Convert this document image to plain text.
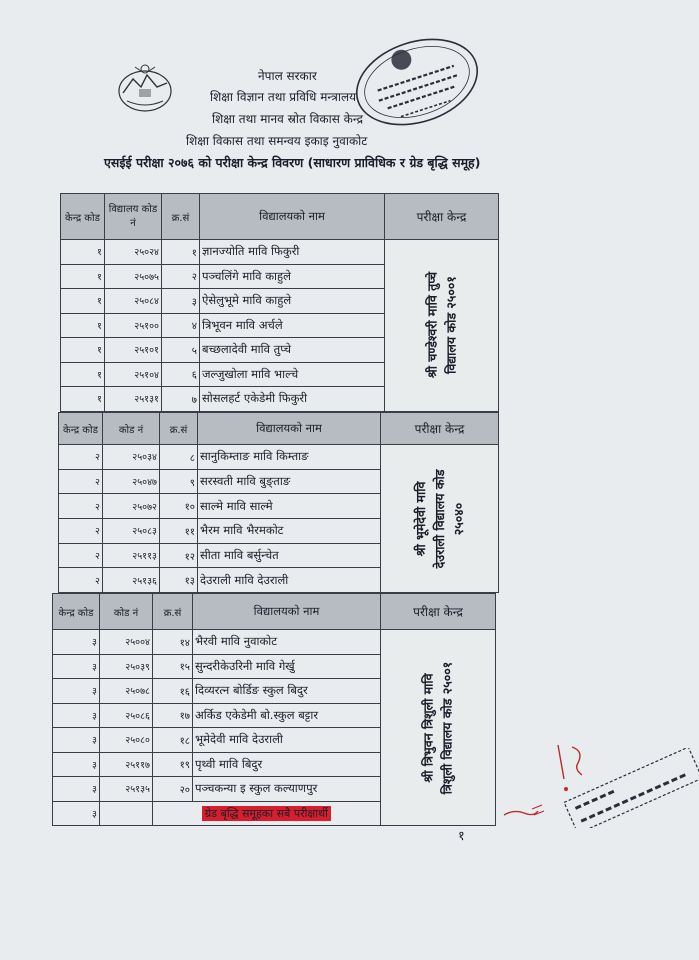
नेपाल सरकार
शिक्षा विज्ञान तथा प्रविधि मन्त्रालय
शिक्षा तथा मानव स्रोत विकास केन्द्र
शिक्षा विकास तथा समन्वय इकाइ नुवाकोट
एसईई परीक्षा २०७६ को परीक्षा केन्द्र विवरण (साधारण प्राविधिक र ग्रेड बृद्धि समूह)
केन्द्र कोड	विद्यालय कोड नं	क्र.सं	विद्यालयको नाम	परीक्षा केन्द्र
१	२५०२४	१	ज्ञानज्योति मावि फिकुरी	श्री चण्डेश्वरी मावि तुप्चे विद्यालय कोड २५००१

१	२५०७५	२	पञ्चलिंगे मावि काहुले	
१	२५०८४	३	ऐसेलुभूमे मावि काहुले	
१	२५१००	४	त्रिभूवन मावि अर्चले	
१	२५१०१	५	बच्छलादेवी मावि तुप्चे	
१	२५१०४	६	जल्जुखोला मावि भाल्चे	
१	२५१३१	७	सोसलहर्ट एकेडेमी फिकुरी	
केन्द्र कोड	कोड नं	क्र.सं	विद्यालयको नाम	परीक्षा केन्द्र
२	२५०३४	८	सानुकिम्ताङ मावि किम्ताङ	श्री भूमेदेवी मावि देउराली विद्यालय कोड २५०४०

२	२५०४७	९	सरस्वती मावि बुङ्ताङ	
२	२५०७२	१०	साल्मे मावि साल्मे	
२	२५०८३	११	भैरम मावि भैरमकोट	
२	२५११३	१२	सीता मावि बर्सुन्चेत	
२	२५१३६	१३	देउराली मावि देउराली	
केन्द्र कोड	कोड नं	क्र.सं	विद्यालयको नाम	परीक्षा केन्द्र
३	२५००४	१४	भैरवी मावि नुवाकोट	श्री त्रिभुवन त्रिशुली मावि त्रिशुली विद्यालय कोड २५००१

३	२५०३९	१५	सुन्दरीकेउरिनी मावि गेर्खु	
३	२५०७८	१६	दिव्यरत्न बोर्डिङ स्कुल बिदुर	
३	२५०८६	१७	अर्किड एकेडेमी बो.स्कुल बट्टार	
३	२५०८०	१८	भूमेदेवी मावि देउराली	
३	२५११७	१९	पृथ्वी मावि बिदुर	
३	२५१३५	२०	पञ्चकन्या इ स्कुल कल्याणपुर	
३		ग्रेड बृद्धि समूहका सबै परीक्षार्थी		
१
